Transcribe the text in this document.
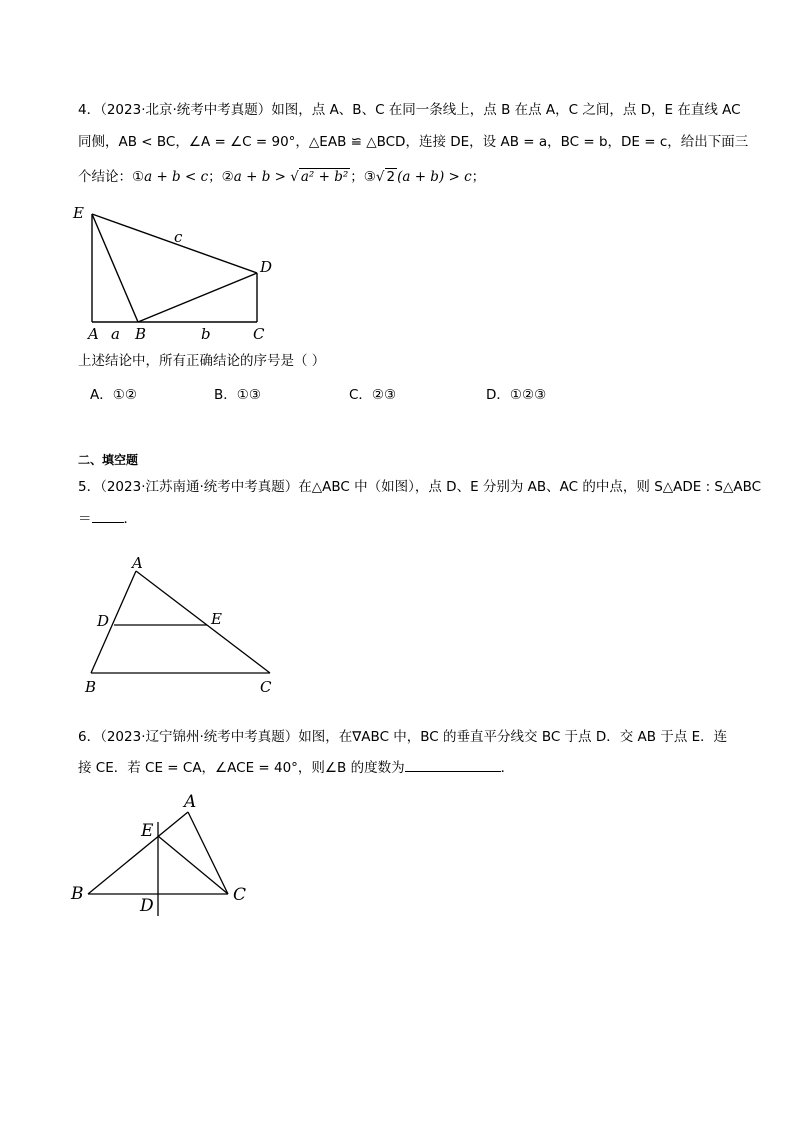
4．（2023·北京·统考中考真题）如图，点 A、B、C 在同一条线上，点 B 在点 A，C 之间，点 D，E 在直线 AC
同侧，AB < BC，∠A = ∠C = 90°，△EAB ≌ △BCD，连接 DE，设 AB = a，BC = b，DE = c，给出下面三
个结论：①a + b < c；②a + b > √ a² + b² ；③√ 2 (a + b) > c；
E
D
A a B	b	C
c
上述结论中，所有正确结论的序号是（ ）
A．①②	B．①③	C．②③	D．①②③
二、填空题
5．（2023·江苏南通·统考中考真题）在△ABC 中（如图），点 D、E 分别为 AB、AC 的中点，则 S△ADE : S△ABC
＝ ．
A
D	E
B	C
6．（2023·辽宁锦州·统考中考真题）如图，在∇ABC 中，BC 的垂直平分线交 BC 于点 D．交 AB 于点 E．连
接 CE．若 CE = CA，∠ACE = 40°，则∠B 的度数为	．
A
E
B
D
C
